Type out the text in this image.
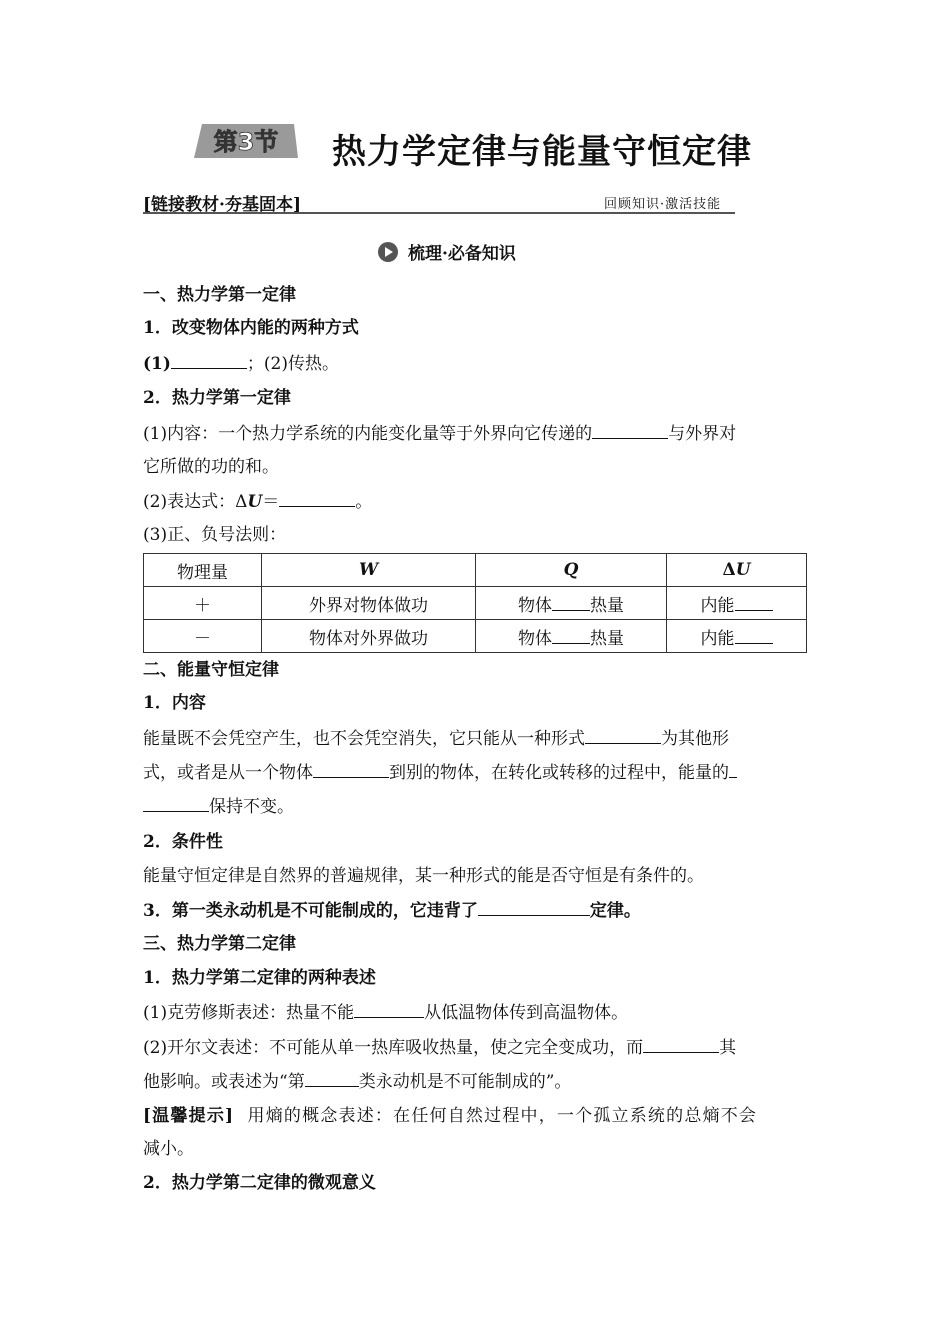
第3节 热力学定律与能量守恒定律
[链接教材·夯基固本]	回顾知识·激活技能
梳理·必备知识
一、热力学第一定律
1．改变物体内能的两种方式
(1)	；(2)传热。
2．热力学第一定律
(1)内容：一个热力学系统的内能变化量等于外界向它传递的	与外界对
它所做的功的和。
(2)表达式：ΔU＝	。
(3)正、负号法则：
物理量	W	Q	ΔU
＋	外界对物体做功	物体 热量	内能
－	物体对外界做功	物体 热量	内能
二、能量守恒定律
1．内容
能量既不会凭空产生，也不会凭空消失，它只能从一种形式	为其他形
式，或者是从一个物体	到别的物体，在转化或转移的过程中，能量的
保持不变。
2．条件性
能量守恒定律是自然界的普遍规律，某一种形式的能是否守恒是有条件的。
3．第一类永动机是不可能制成的，它违背了	定律。
三、热力学第二定律
1．热力学第二定律的两种表述
(1)克劳修斯表述：热量不能	从低温物体传到高温物体。
(2)开尔文表述：不可能从单一热库吸收热量，使之完全变成功，而	其
他影响。或表述为“第	类永动机是不可能制成的”。
[温馨提示] 用熵的概念表述：在任何自然过程中，一个孤立系统的总熵不会
减小。
2．热力学第二定律的微观意义
